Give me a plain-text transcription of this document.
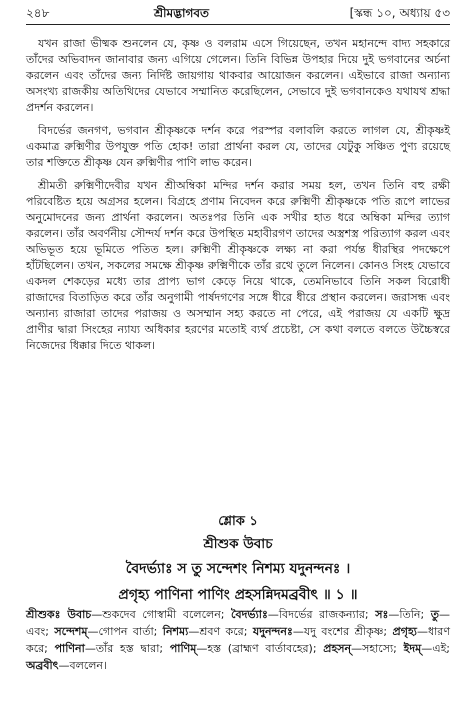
২৪৮	শ্রীমদ্ভাগবত	[স্কন্ধ ১০, অধ্যায় ৫৩

যখন রাজা ভীষ্মক শুনলেন যে, কৃষ্ণ ও বলরাম এসে গিয়েছেন, তখন মহানন্দে বাদ্য সহকারে তাঁদের অভিবাদন জানাবার জন্য এগিয়ে গেলেন। তিনি বিভিন্ন উপহার দিয়ে দুই ভগবানের অর্চনা করলেন এবং তাঁদের জন্য নির্দিষ্ট জায়গায় থাকবার আয়োজন করলেন। এইভাবে রাজা অন্যান্য অসংখ্য রাজকীয় অতিথিদের যেভাবে সম্মানিত করেছিলেন, সেভাবে দুই ভগবানকেও যথাযথ শ্রদ্ধা প্রদর্শন করলেন।

বিদর্ভের জনগণ, ভগবান শ্রীকৃষ্ণকে দর্শন করে পরস্পর বলাবলি করতে লাগল যে, শ্রীকৃষ্ণই একমাত্র রুক্মিণীর উপযুক্ত পতি হোক! তারা প্রার্থনা করল যে, তাদের যেটুকু সঞ্চিত পুণ্য রয়েছে তার শক্তিতে শ্রীকৃষ্ণ যেন রুক্মিণীর পাণি লাভ করেন।

শ্রীমতী রুক্মিণীদেবীর যখন শ্রীঅম্বিকা মন্দির দর্শন করার সময় হল, তখন তিনি বহু রক্ষী পরিবেষ্টিত হয়ে অগ্রসর হলেন। বিগ্রহে প্রণাম নিবেদন করে রুক্মিণী শ্রীকৃষ্ণকে পতি রূপে লাভের অনুমোদনের জন্য প্রার্থনা করলেন। অতঃপর তিনি এক সখীর হাত ধরে অম্বিকা মন্দির ত্যাগ করলেন। তাঁর অবর্ণনীয় সৌন্দর্য দর্শন করে উপস্থিত মহাবীরগণ তাদের অস্ত্রশস্ত্র পরিত্যাগ করল এবং অভিভূত হয়ে ভূমিতে পতিত হল। রুক্মিণী শ্রীকৃষ্ণকে লক্ষ্য না করা পর্যন্ত ধীরস্থির পদক্ষেপে হাঁটছিলেন। তখন, সকলের সমক্ষে শ্রীকৃষ্ণ রুক্মিণীকে তাঁর রথে তুলে নিলেন। কোনও সিংহ যেভাবে একদল শেকড়ের মধ্যে তার প্রাপ্য ভাগ কেড়ে নিয়ে থাকে, তেমনিভাবে তিনি সকল বিরোধী রাজাদের বিতাড়িত করে তাঁর অনুগামী পার্ষদগণের সঙ্গে ধীরে ধীরে প্রস্থান করলেন। জরাসন্ধ এবং অন্যান্য রাজারা তাদের পরাজয় ও অসম্মান সহ্য করতে না পেরে, এই পরাজয় যে একটি ক্ষুদ্র প্রাণীর দ্বারা সিংহের ন্যায্য অধিকার হরণের মতোই ব্যর্থ প্রচেষ্টা, সে কথা বলতে বলতে উচ্চৈস্বরে নিজেদের ধিক্কার দিতে থাকল।

শ্লোক ১

শ্রীশুক উবাচ

বৈদর্ভ্যাঃ স তু সন্দেশং নিশম্য যদুনন্দনঃ ।

প্রগৃহ্য পাণিনা পাণিং প্রহসন্নিদমব্রবীৎ ॥ ১ ॥

শ্রীশুকঃ উবাচ—শুকদেব গোস্বামী বলেলেন; বৈদর্ভ্যাঃ—বিদর্ভের রাজকন্যার; সঃ—তিনি; তু—এবং; সন্দেশম্—গোপন বার্তা; নিশম্য—শ্রবণ করে; যদুনন্দনঃ—যদু বংশের শ্রীকৃষ্ণ; প্রগৃহ্য—ধারণ করে; পাণিনা—তাঁর হস্ত দ্বারা; পাণিম্—হস্ত (ব্রাহ্মণ বার্তাবহের); প্রহসন্—সহাস্যে; ইদম্—এই; অব্রবীৎ—বললেন।
